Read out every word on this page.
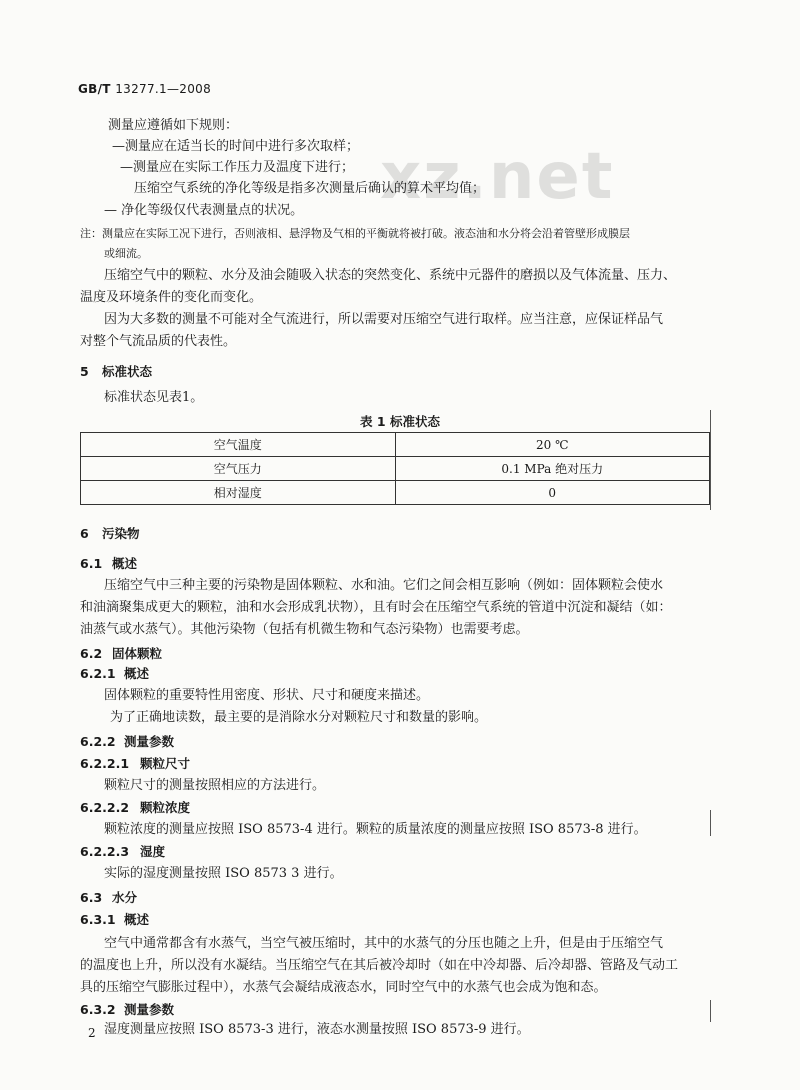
GB/T 13277.1—2008
xz.net
测量应遵循如下规则：
—测量应在适当长的时间中进行多次取样；
—测量应在实际工作压力及温度下进行；
压缩空气系统的净化等级是指多次测量后确认的算术平均值；
— 净化等级仅代表测量点的状况。
注：测量应在实际工况下进行，否则液相、悬浮物及气相的平衡就将被打破。液态油和水分将会沿着管壁形成膜层
或细流。
压缩空气中的颗粒、水分及油会随吸入状态的突然变化、系统中元器件的磨损以及气体流量、压力、
温度及环境条件的变化而变化。
因为大多数的测量不可能对全气流进行，所以需要对压缩空气进行取样。应当注意，应保证样品气
对整个气流品质的代表性。
5 标准状态
标准状态见表1。
表 1 标准状态
空气温度	20 ℃
空气压力	0.1 MPa 绝对压力
相对湿度	0
6 污染物
6.1 概述
压缩空气中三种主要的污染物是固体颗粒、水和油。它们之间会相互影响（例如：固体颗粒会使水
和油滴聚集成更大的颗粒，油和水会形成乳状物），且有时会在压缩空气系统的管道中沉淀和凝结（如：
油蒸气或水蒸气）。其他污染物（包括有机微生物和气态污染物）也需要考虑。
6.2 固体颗粒
6.2.1 概述
固体颗粒的重要特性用密度、形状、尺寸和硬度来描述。
为了正确地读数，最主要的是消除水分对颗粒尺寸和数量的影响。
6.2.2 测量参数
6.2.2.1 颗粒尺寸
颗粒尺寸的测量按照相应的方法进行。
6.2.2.2 颗粒浓度
颗粒浓度的测量应按照 ISO 8573-4 进行。颗粒的质量浓度的测量应按照 ISO 8573-8 进行。
6.2.2.3 湿度
实际的湿度测量按照 ISO 8573 3 进行。
6.3 水分
6.3.1 概述
空气中通常都含有水蒸气，当空气被压缩时，其中的水蒸气的分压也随之上升，但是由于压缩空气
的温度也上升，所以没有水凝结。当压缩空气在其后被冷却时（如在中冷却器、后冷却器、管路及气动工
具的压缩空气膨胀过程中），水蒸气会凝结成液态水，同时空气中的水蒸气也会成为饱和态。
6.3.2 测量参数
湿度测量应按照 ISO 8573-3 进行，液态水测量按照 ISO 8573-9 进行。
2
